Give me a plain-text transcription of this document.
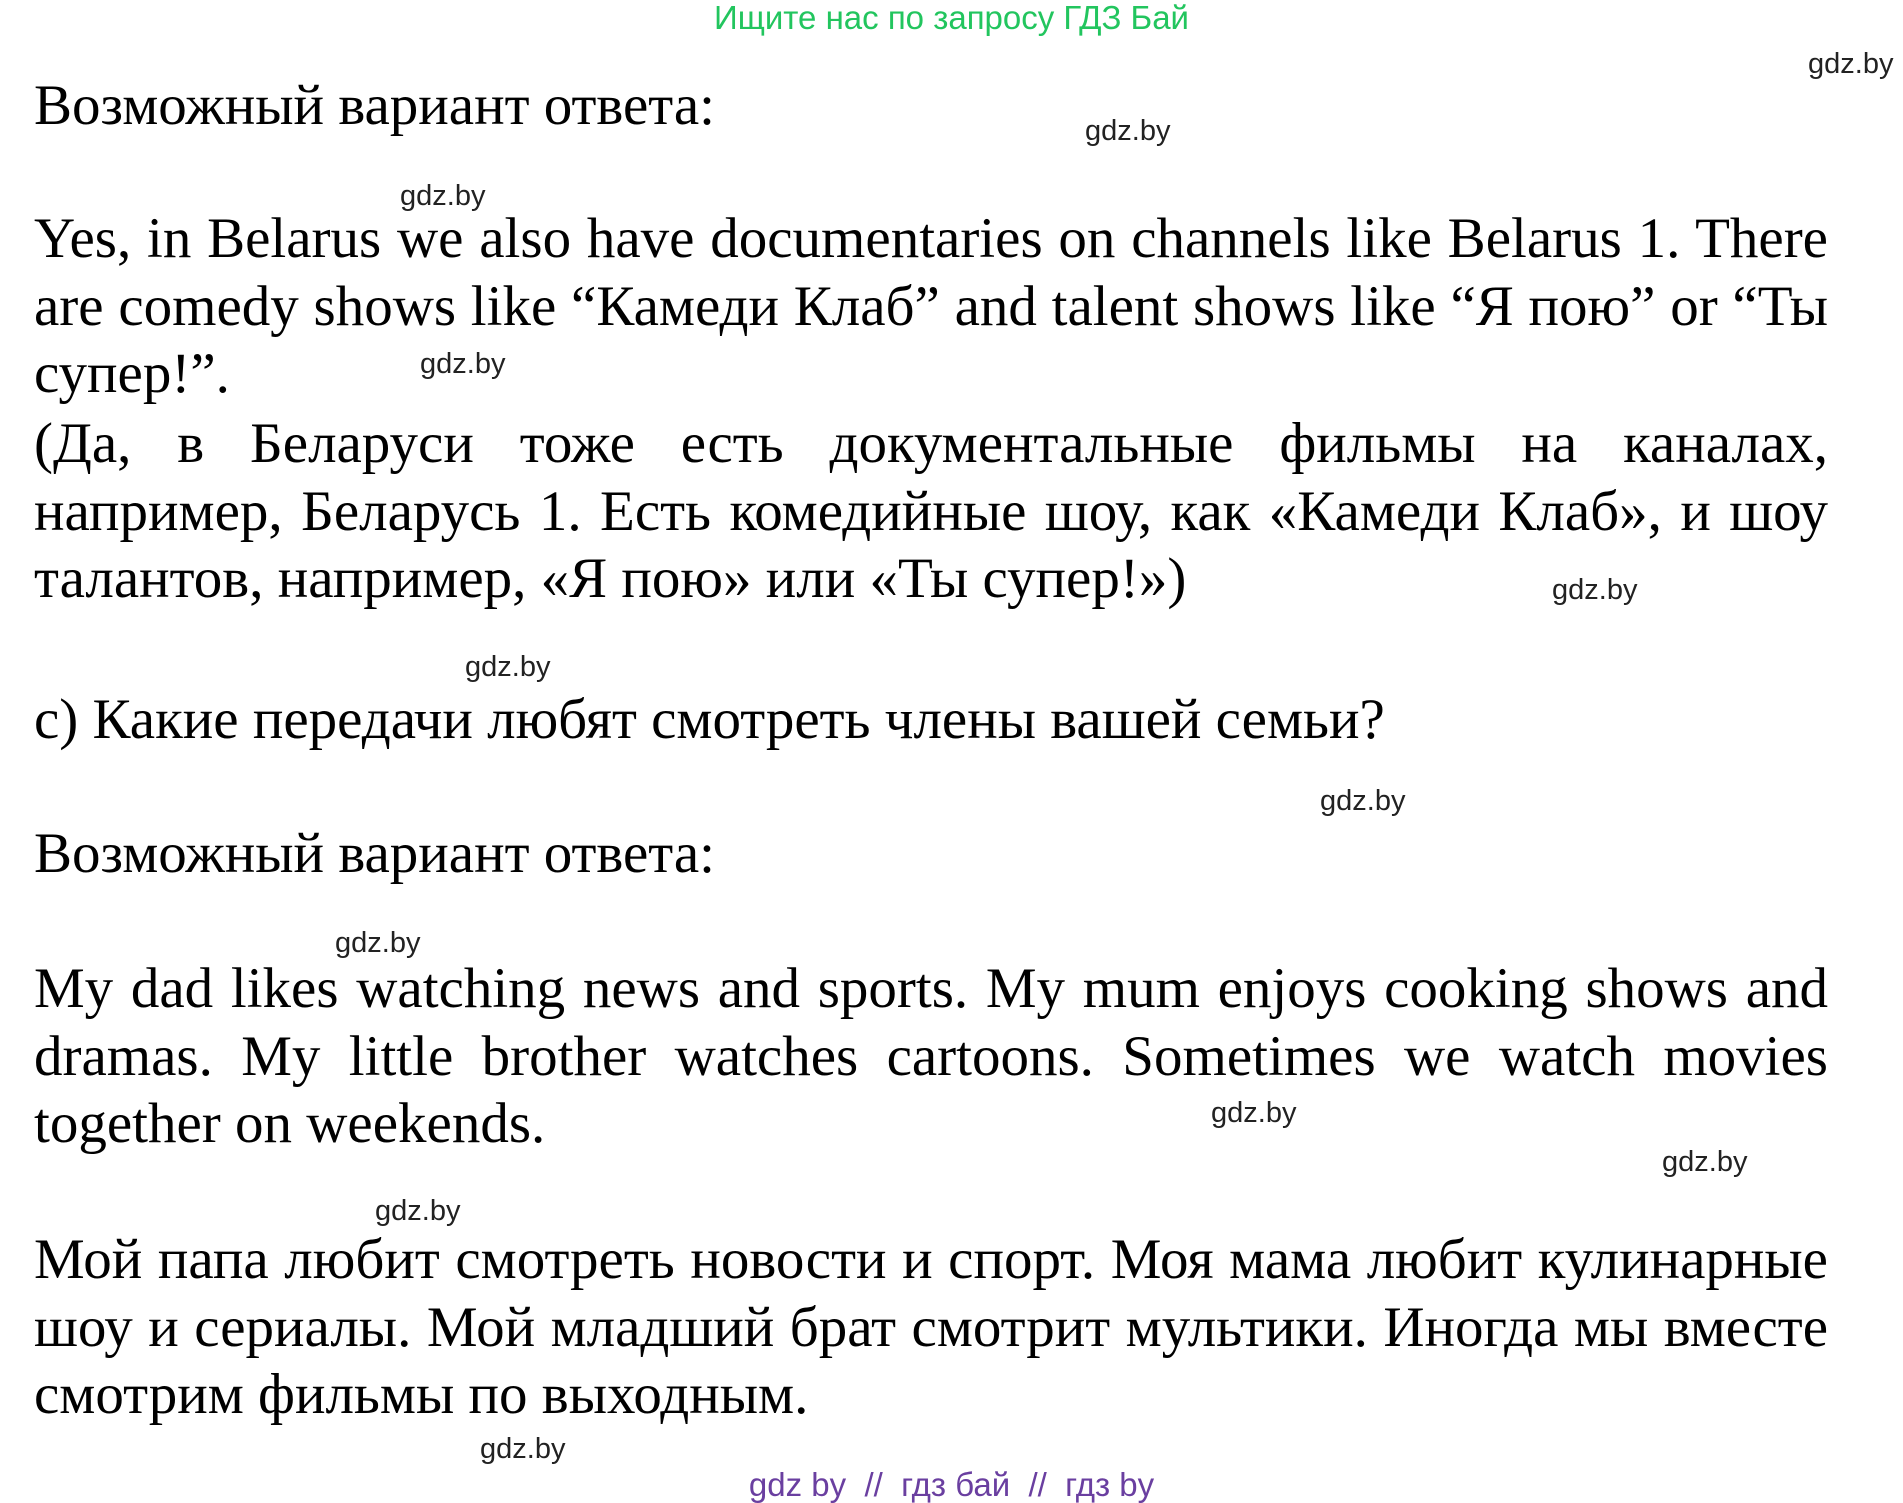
Ищите нас по запросу ГДЗ Бай
gdz.by
gdz.by
gdz.by
gdz.by
gdz.by
gdz.by
gdz.by
gdz.by
gdz.by
gdz.by
gdz.by
gdz.by
Возможный вариант ответа:
Yes, in Belarus we also have documentaries on channels like Belarus 1. There are comedy shows like “Камеди Клаб” and talent shows like “Я пою” or “Ты супер!”.
(Да, в Беларуси тоже есть документальные фильмы на каналах, например, Беларусь 1. Есть комедийные шоу, как «Камеди Клаб», и шоу талантов, например, «Я пою» или «Ты супер!»)
c) Какие передачи любят смотреть члены вашей семьи?
Возможный вариант ответа:
My dad likes watching news and sports. My mum enjoys cooking shows and dramas. My little brother watches cartoons. Sometimes we watch movies together on weekends.
Мой папа любит смотреть новости и спорт. Моя мама любит кулинарные шоу и сериалы. Мой младший брат смотрит мультики. Иногда мы вместе смотрим фильмы по выходным.
gdz by  //  гдз бай  //  гдз by
